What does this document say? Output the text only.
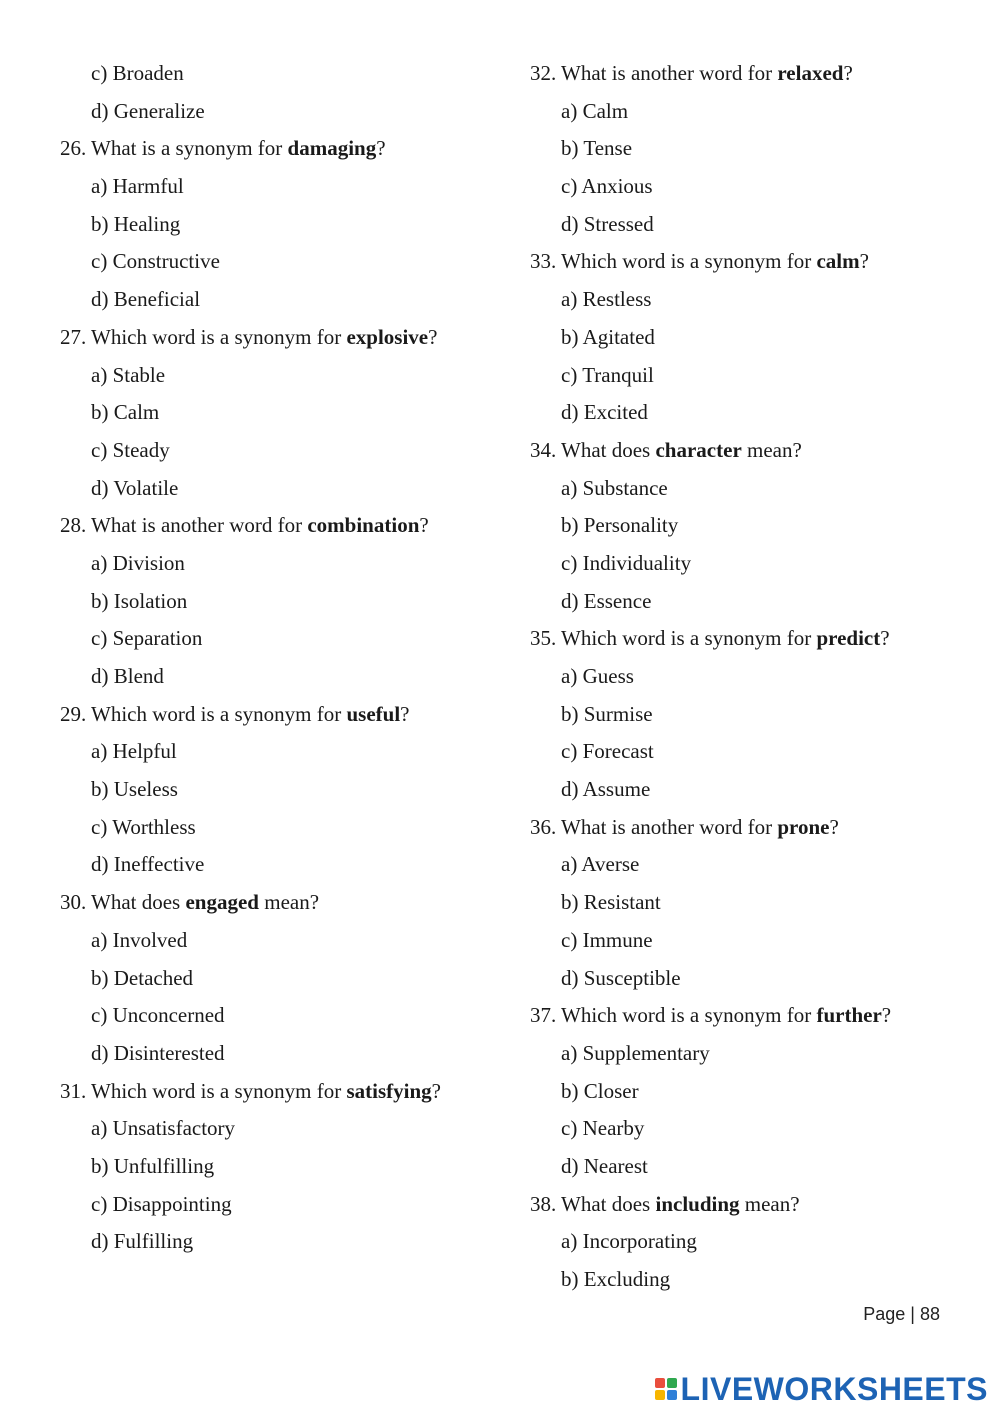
c) Broaden
d) Generalize
26. What is a synonym for damaging?
a) Harmful
b) Healing
c) Constructive
d) Beneficial
27. Which word is a synonym for explosive?
a) Stable
b) Calm
c) Steady
d) Volatile
28. What is another word for combination?
a) Division
b) Isolation
c) Separation
d) Blend
29. Which word is a synonym for useful?
a) Helpful
b) Useless
c) Worthless
d) Ineffective
30. What does engaged mean?
a) Involved
b) Detached
c) Unconcerned
d) Disinterested
31. Which word is a synonym for satisfying?
a) Unsatisfactory
b) Unfulfilling
c) Disappointing
d) Fulfilling
32. What is another word for relaxed?
a) Calm
b) Tense
c) Anxious
d) Stressed
33. Which word is a synonym for calm?
a) Restless
b) Agitated
c) Tranquil
d) Excited
34. What does character mean?
a) Substance
b) Personality
c) Individuality
d) Essence
35. Which word is a synonym for predict?
a) Guess
b) Surmise
c) Forecast
d) Assume
36. What is another word for prone?
a) Averse
b) Resistant
c) Immune
d) Susceptible
37. Which word is a synonym for further?
a) Supplementary
b) Closer
c) Nearby
d) Nearest
38. What does including mean?
a) Incorporating
b) Excluding
Page | 88
LIVEWORKSHEETS
